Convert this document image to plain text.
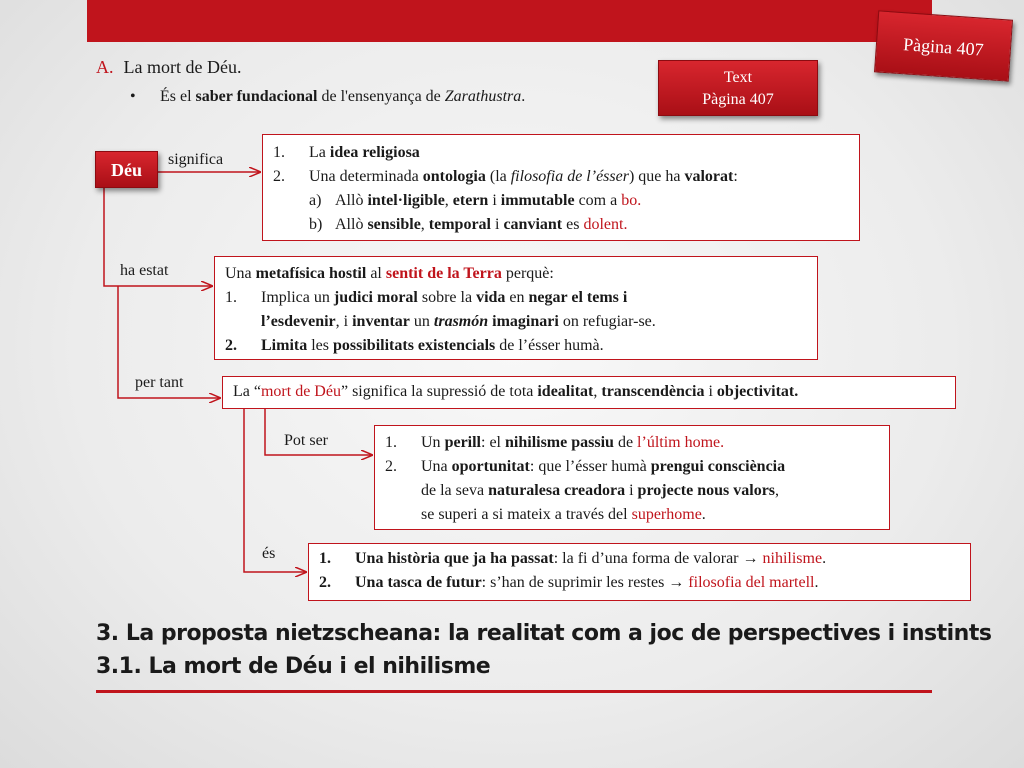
Pàgina 407
Text
Pàgina 407
A. La mort de Déu.
•	És el saber fundacional de l'ensenyança de Zarathustra.
Déu
significa
ha estat
per tant
Pot ser
és
1. La idea religiosa
2. Una determinada ontologia (la filosofia de l’ésser) que ha valorat:
a) Allò intel·ligible, etern i immutable com a bo.
b) Allò sensible, temporal i canviant es dolent.
Una metafísica hostil al sentit de la Terra perquè:
1. Implica un judici moral sobre la vida en negar el tems i
l’esdevenir, i inventar un trasmón imaginari on refugiar-se.
2. Limita les possibilitats existencials de l’ésser humà.
La “mort de Déu” significa la supressió de tota idealitat, transcendència i objectivitat.
1. Un perill: el nihilisme passiu de l’últim home.
2. Una oportunitat: que l’ésser humà prengui consciència
de la seva naturalesa creadora i projecte nous valors,
se superi a si mateix a través del superhome.
1. Una història que ja ha passat: la fi d’una forma de valorar → nihilisme.
2. Una tasca de futur: s’han de suprimir les restes → filosofia del martell.
3. La proposta nietzscheana: la realitat com a joc de perspectives i instints
3.1. La mort de Déu i el nihilisme
